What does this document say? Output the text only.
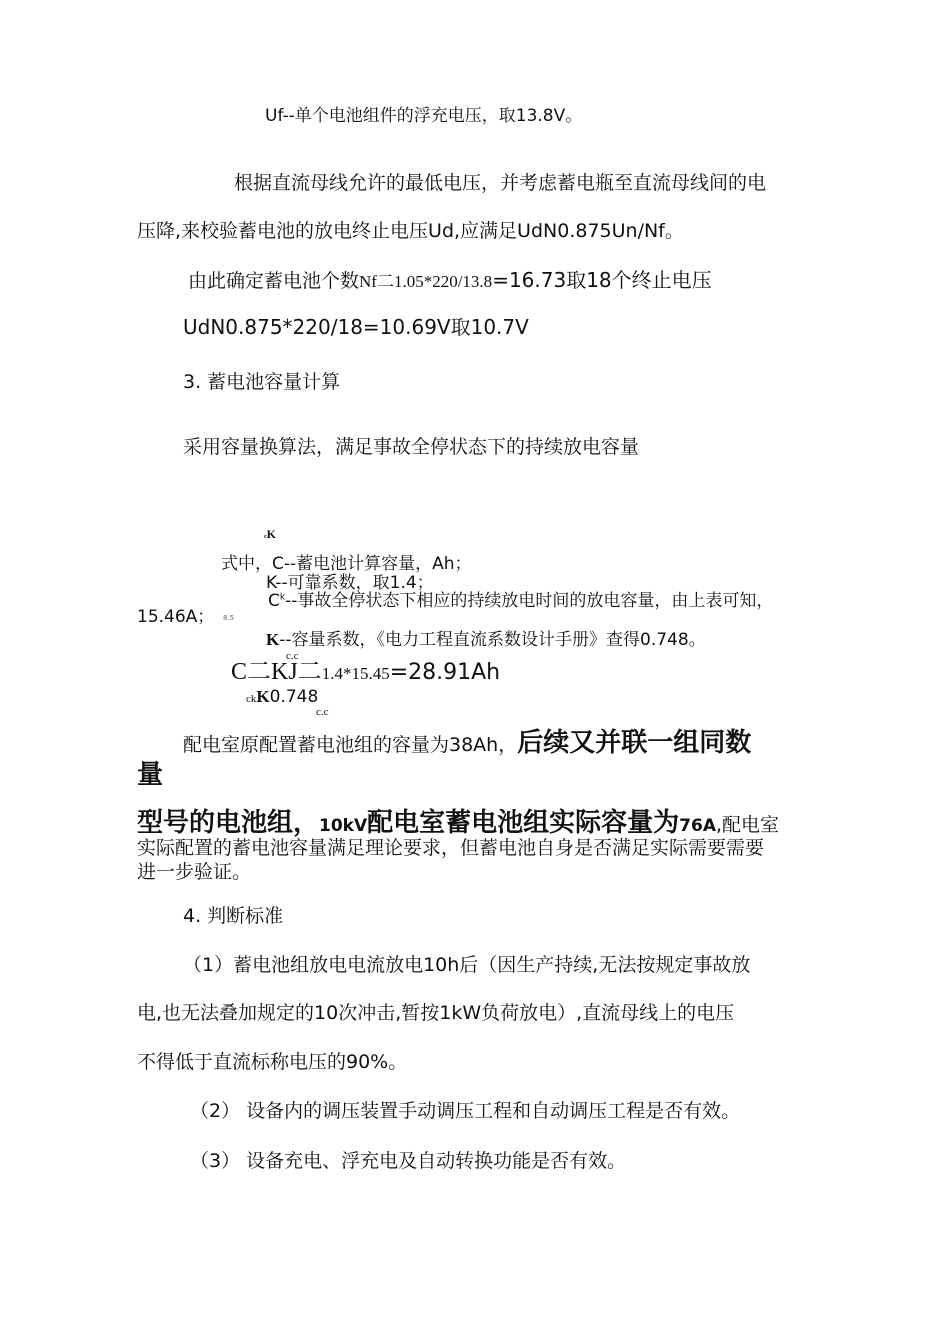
Uf--单个电池组件的浮充电压，取13.8V。
根据直流母线允许的最低电压，并考虑蓄电瓶至直流母线间的电
压降,来校验蓄电池的放电终止电压Ud,应满足UdN0.875Un/Nf。
由此确定蓄电池个数Nf二1.05*220/13.8=16.73取18个终止电压
UdN0.875*220/18=10.69V取10.7V
3. 蓄电池容量计算
采用容量换算法，满足事故全停状态下的持续放电容量
cK
式中，C--蓄电池计算容量，Ah；
K--可靠系数，取1.4；
$C^k--$事故全停状态下相应的持续放电时间的放电容量，由上表可知，
15.46A； 8.5
K--容量系数，《电力工程直流系数设计手册》查得0.748。
c.c
C二KJ二1.4*15.45=28.91Ah
ckK0.748
c.c
配电室原配置蓄电池组的容量为38Ah，后续又并联一组同数
量
型号的电池组，10kV配电室蓄电池组实际容量为76A,配电室
实际配置的蓄电池容量满足理论要求，但蓄电池自身是否满足实际需要需要
进一步验证。
4. 判断标准
（1）蓄电池组放电电流放电10h后（因生产持续,无法按规定事故放
电,也无法叠加规定的10次冲击,暂按1kW负荷放电）,直流母线上的电压
不得低于直流标称电压的90%。
（2） 设备内的调压装置手动调压工程和自动调压工程是否有效。
（3） 设备充电、浮充电及自动转换功能是否有效。
